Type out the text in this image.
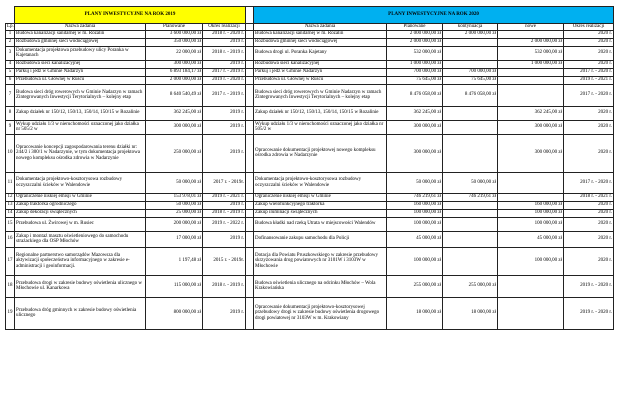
	PLANY INWESTYCYJNE NA ROK 2019				PLANY INWESTYCYJNE NA ROK 2020				
Lp.	Nazwa zadania	Planowane	Okres realizacji		Nazwa zadania	Planowane	kontynuacja	nowe	Okres realizacji
1	Budowa kanalizacji sanitarnej w m. Rozalin	3 600 000,00 zł	2018 r. - 2020 r.		Budowa kanalizacji sanitarnej w m. Rozalin	2 000 000,00 zł	2 000 000,00 zł		2020 r.
2	Rozbudowa gminnej sieci wodociągowej	350 000,00 zł	2019 r.		Rozbudowa gminnej sieci wodociągowej	2 000 000,00 zł		2 000 000,00 zł	2020 r.
3	Dokumentacja projektowa przebudowy ulicy Poranka w Kajetanach	22 000,00 zł	2018 r. - 2019 r.		Budowa drogi ul. Poranka Kajetany	532 000,00 zł		532 000,00 zł	2020 r.
4	Rozbudowa sieci kanalizacyjnej	300 000,00 zł	2019 r.		Rozbudowa sieci kanalizacyjnej	1 000 000,00 zł		1 000 000,00 zł	2020 r.
5	Parkuj i jedź w Gminie Nadarzyn	6 893 184,17 zł	2017 r. - 2019 r.		Parkuj i jedź w Gminie Nadarzyn	700 000,00 zł	700 000,00 zł		2017 r. - 2020 r.
6	Przebudowa ul. Głównej w Ruścu	2 000 000,00 zł	2019 r. - 2020 r.		Przebudowa ul. Głównej w Ruścu	75 645,00 zł	75 645,00 zł		2019 r. - 2021 r.
7	Budowa sieci dróg rowerowych w Gminie Nadarzyn w ramach Zintegrowanych Inwestycji Terytorialnych – kolejny etap	8 640 540,49 zł	2017 r. - 2019 r.		Budowa sieci dróg rowerowych w Gminie Nadarzyn w ramach Zintegrowanych Inwestycji Terytorialnych – kolejny etap	8 476 058,00 zł	8 476 058,00 zł		2017 r. - 2020 r.
8	Zakup działek nr 150/12, 150/13, 150/14, 150/15 w Rozalinie	362 245,00 zł	2019 r.		Zakup działek nr 150/12, 150/13, 150/14, 150/15 w Rozalinie	362 245,00 zł		362 245,00 zł	2020 r.
9	Wykup udziału 1/3 w nieruchomości oznaczonej jako działka nr 505/2 w	300 000,00 zł	2019 r.		Wykup udziału 1/3 w nieruchomości oznaczonej jako działka nr 505/2 w	300 000,00 zł		300 000,00 zł	2020 r.
10	Opracowanie koncepcji zagospodarowania terenu działki nr: 244/2 i 300/1 w Nadarzynie, w tym dokumentacja projektowa nowego kompleksu ośrodka zdrowia w Nadarzynie	250 000,00 zł	2019 r.		Opracowanie dokumentacji projektowej nowego kompleksu ośrodka zdrowia w Nadarzynie	300 000,00 zł		300 000,00 zł	2020 r.
11	Dokumentacja projektowo-kosztorysowa rozbudowy oczyszczalni ścieków w Walendowie	50 000,00 zł	2017 r. - 2019r.		Dokumentacja projektowo-kosztorysowa rozbudowy oczyszczalni ścieków w Walendowie	50 000,00 zł	50 000,00 zł		2017 r. - 2020 r.
12	Ograniczenie niskiej emisji w Gminie	153 978,01 zł	2019 r. - 2021 r.		Ograniczenie niskiej emisji w Gminie	746 219,61 zł	746 219,61 zł		2018 r. - 2021 r.
13	Zakup traktorka ogrodniczego	50 000,00 zł	2019 r.		Zakup wielofunkcyjnego traktorka	160 000,00 zł		160 000,00 zł	2020 r.
14	Zakup dekoracji świątecznych	25 000,00 zł	2018 r. - 2019 r.		Zakup iluminacji świątecznych	100 000,00 zł		100 000,00 zł	2020 r.
15	Przebudowa ul. Żwirowej w m. Rusiec	200 000,00 zł	2019 r. - 2022 r.		Budowa kładki nad rzeką Utrata w miejscowości Walendów	100 000,00 zł		100 000,00 zł	2020 r.
16	Zakup i montaż masztu oświetleniowego do samochodu strażackiego dla OSP Młochów	17 000,00 zł	2019 r.		Dofinansowanie zakupu samochodu dla Policji	45 000,00 zł		45 000,00 zł	2020 r.
17	Regionalne partnerstwo samorządów Mazowsza dla aktywizacji społeczeństwa informacyjnego w zakresie e-administracji i geoinformacji.	1 197,48 zł	2015 r. - 2019r.		Dotacja dla Powiatu Pruszkowskiego w zakresie przebudowy skrzyżowania drog powiatowych nr 3101W i 3103W w Młochowie	100 000,00 zł		100 000,00 zł	2020 r.
18	Przebudowa drogi w zakresie budowy oświetlenia ulicznego w Młochowie ul. Kanarkowa	115 000,00 zł	2018 r. - 2019 r.		Budowa oświetlenia ulicznego na odcinku Młochów – Wola Krakowiańska	255 000,00 zł	255 000,00 zł		2019 r. - 2020 r.
19	Przebudowa dróg gminnych w zakresie budowy oświetlenia ulicznego	800 000,00 zł	2019 r.		Opracowanie dokumentacji projektowo-kosztorysowej przebudowy drogi w zakresie budowy oświetlenia drogowego drogi powiatowej nr 3103W w m. Krakowiany	18 000,00 zł	18 000,00 zł		2019 r. - 2020 r.
